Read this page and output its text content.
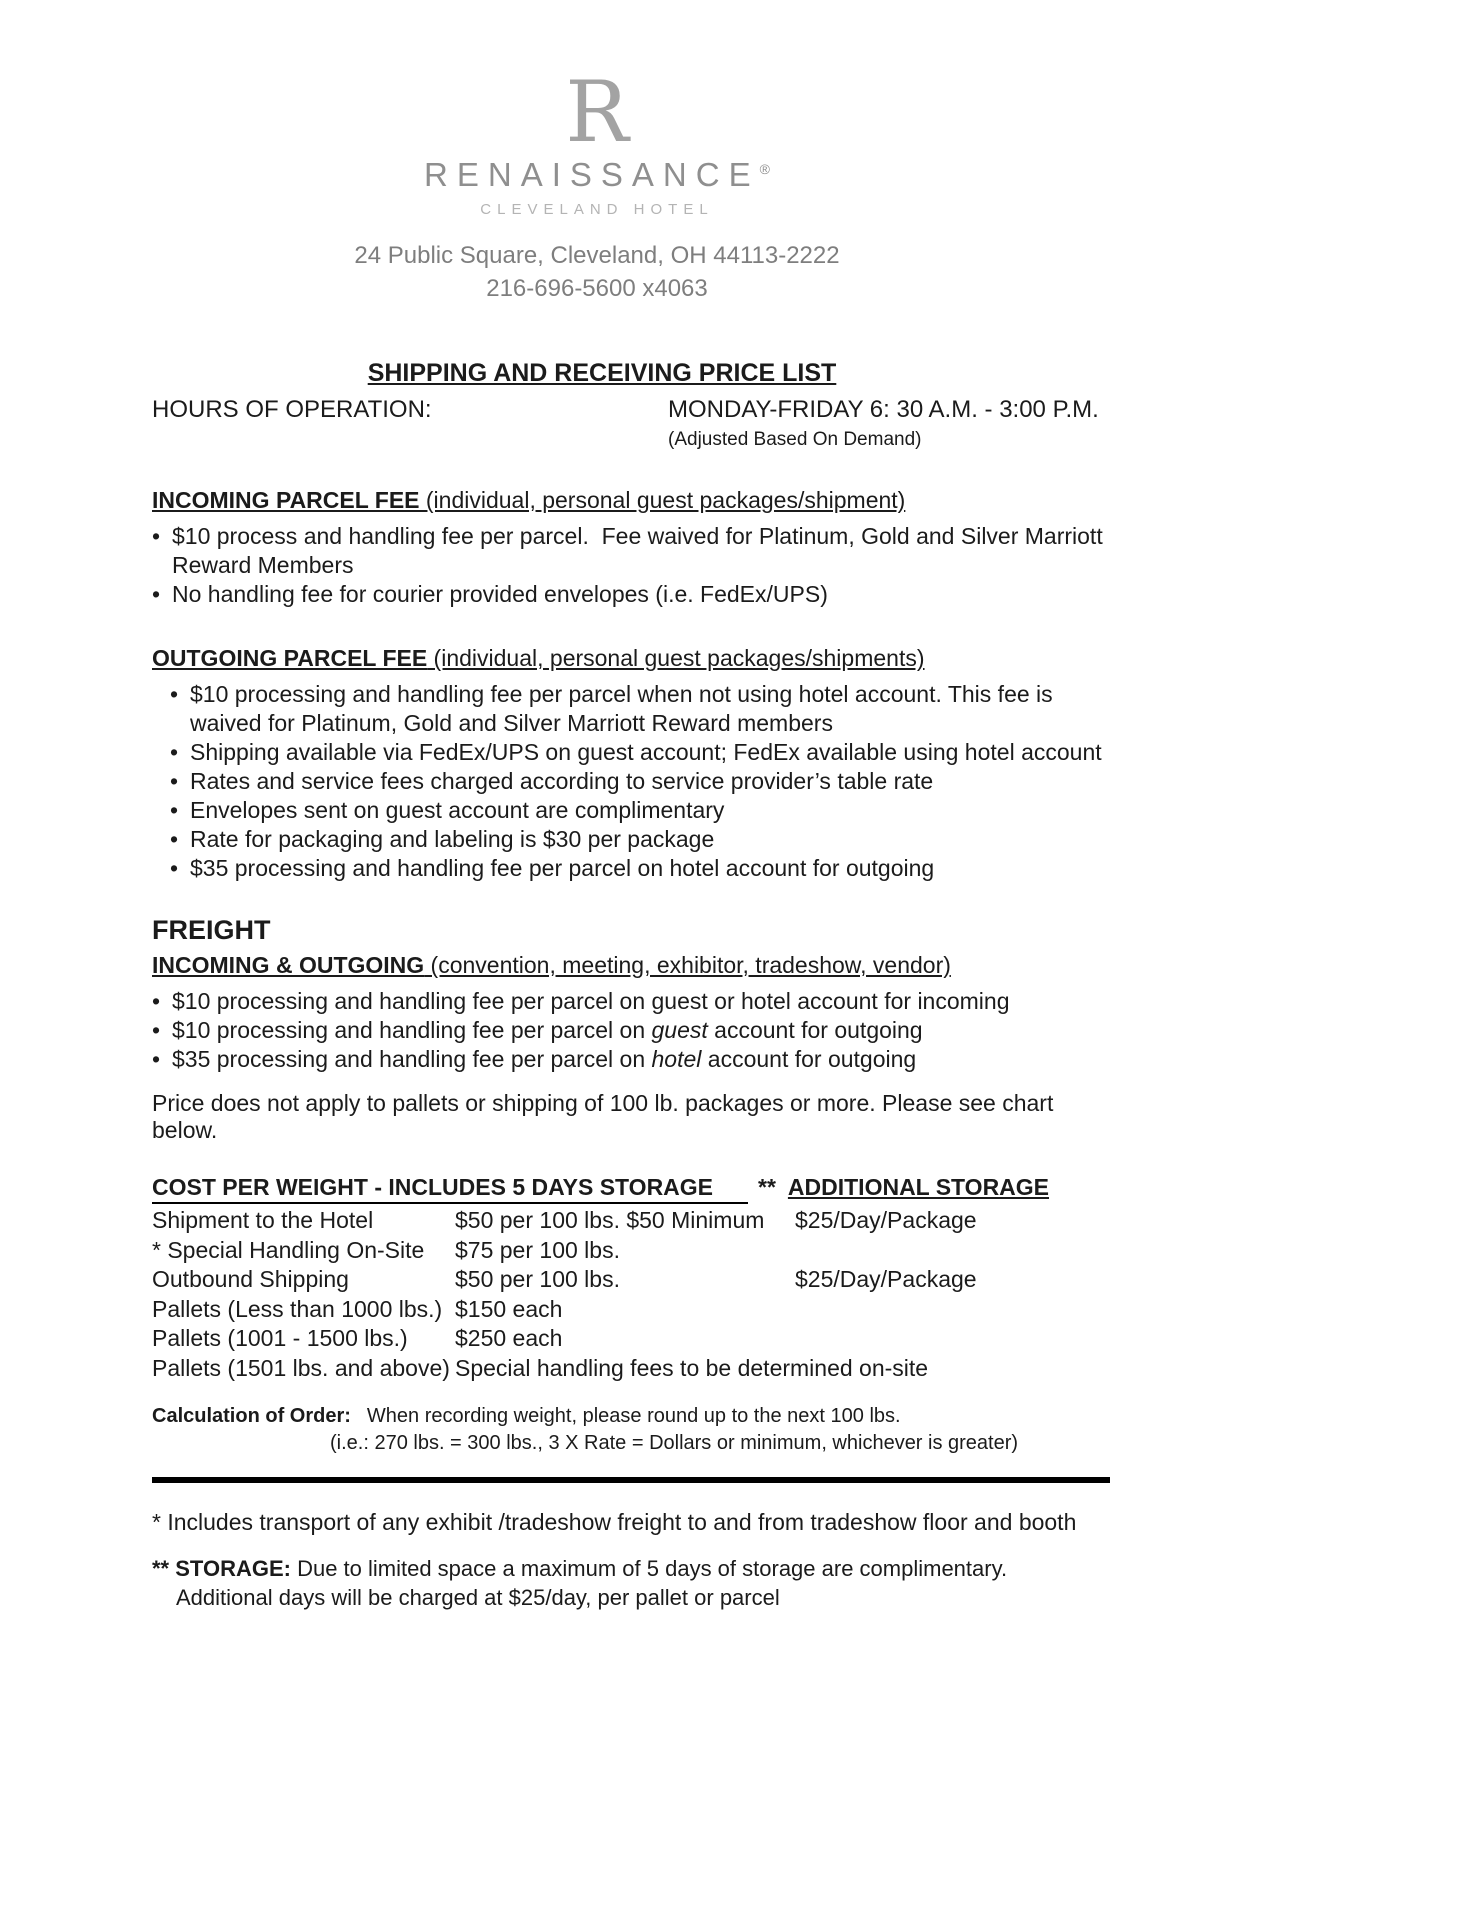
R
RENAISSANCE®
CLEVELAND HOTEL
24 Public Square, Cleveland, OH 44113-2222
216-696-5600 x4063
SHIPPING AND RECEIVING PRICE LIST
HOURS OF OPERATION:	MONDAY-FRIDAY 6: 30 A.M. - 3:00 P.M.
(Adjusted Based On Demand)
INCOMING PARCEL FEE (individual, personal guest packages/shipment)
•
$10 process and handling fee per parcel.  Fee waived for Platinum, Gold and Silver Marriott Reward Members
•
No handling fee for courier provided envelopes (i.e. FedEx/UPS)
OUTGOING PARCEL FEE (individual, personal guest packages/shipments)
•
$10 processing and handling fee per parcel when not using hotel account. This fee is waived for Platinum, Gold and Silver Marriott Reward members
•
Shipping available via FedEx/UPS on guest account; FedEx available using hotel account
•
Rates and service fees charged according to service provider’s table rate
•
Envelopes sent on guest account are complimentary
•
Rate for packaging and labeling is $30 per package
•
$35 processing and handling fee per parcel on hotel account for outgoing
FREIGHT
INCOMING & OUTGOING (convention, meeting, exhibitor, tradeshow, vendor)
•
$10 processing and handling fee per parcel on guest or hotel account for incoming
•
$10 processing and handling fee per parcel on guest account for outgoing
•
$35 processing and handling fee per parcel on hotel account for outgoing
Price does not apply to pallets or shipping of 100 lb. packages or more. Please see chart below.
COST PER WEIGHT - INCLUDES 5 DAYS STORAGE	** ADDITIONAL STORAGE
Shipment to the Hotel	$50 per 100 lbs. $50 Minimum	$25/Day/Package
* Special Handling On-Site	$75 per 100 lbs.
Outbound Shipping	$50 per 100 lbs.	$25/Day/Package
Pallets (Less than 1000 lbs.) $150 each
Pallets (1001 - 1500 lbs.)	$250 each
Pallets (1501 lbs. and above) Special handling fees to be determined on-site
Calculation of Order: When recording weight, please round up to the next 100 lbs.
(i.e.: 270 lbs. = 300 lbs., 3 X Rate = Dollars or minimum, whichever is greater)
* Includes transport of any exhibit /tradeshow freight to and from tradeshow floor and booth
** STORAGE: Due to limited space a maximum of 5 days of storage are complimentary.  Additional days will be charged at $25/day, per pallet or parcel
